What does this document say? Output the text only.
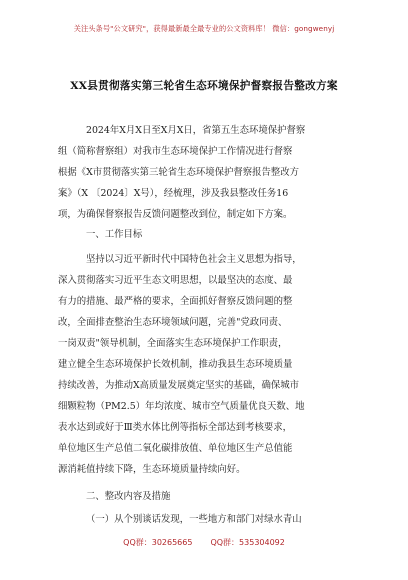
关注头条号"公文研究"，获得最新最全最专业的公文资料库！ 微信：gongwenyj
XX县贯彻落实第三轮省生态环境保护督察报告整改方案
2024年X月X日至X月X日，省第五生态环境保护督察
组（简称督察组）对我市生态环境保护工作情况进行督察
根据《X市贯彻落实第三轮省生态环境保护督察报告整改方
案》（X 〔2024〕X号），经梳理，涉及我县整改任务16
项，为确保督察报告反馈问题整改到位，制定如下方案。
一、工作目标
坚持以习近平新时代中国特色社会主义思想为指导，
深入贯彻落实习近平生态文明思想，以最坚决的态度、最
有力的措施、最严格的要求，全面抓好督察反馈问题的整
改，全面排查整治生态环境领域问题，完善"党政同责、
一岗双责"领导机制，全面落实生态环境保护工作职责，
建立健全生态环境保护长效机制，推动我县生态环境质量
持续改善，为推动X高质量发展奠定坚实的基础，确保城市
细颗粒物（PM2.5）年均浓度、城市空气质量优良天数、地
表水达到或好于Ⅲ类水体比例等指标全部达到考核要求，
单位地区生产总值二氧化碳排放值、单位地区生产总值能
源消耗值持续下降，生态环境质量持续向好。
二、整改内容及措施
（一）从个别谈话发现，一些地方和部门对绿水青山
QQ群：30265665 QQ群：535304092
